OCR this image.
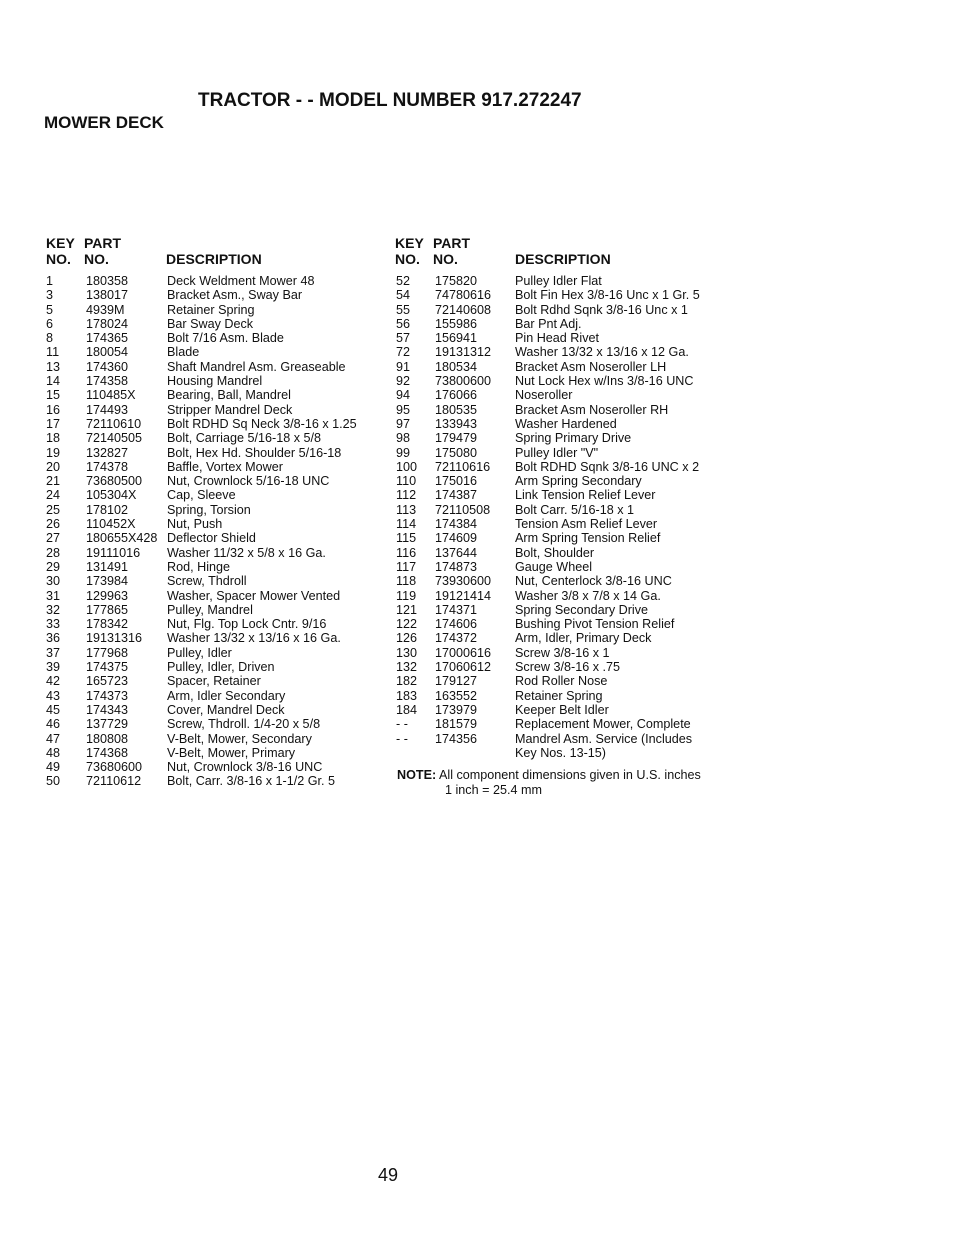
TRACTOR - - MODEL NUMBER 917.272247
MOWER DECK
KEY
NO.
PART
NO.	DESCRIPTION
KEY
NO.
PART
NO.	DESCRIPTION
1	180358	Deck Weldment Mower 48
3	138017	Bracket Asm., Sway Bar
5	4939M	Retainer Spring
6	178024	Bar Sway Deck
8	174365	Bolt 7/16 Asm. Blade
11 180054	Blade
13 174360	Shaft Mandrel Asm. Greaseable
14 174358	Housing Mandrel
15 110485X	Bearing, Ball, Mandrel
16 174493	Stripper Mandrel Deck
17 72110610 Bolt RDHD Sq Neck 3/8-16 x 1.25
18 72140505 Bolt, Carriage 5/16-18 x 5/8
19 132827	Bolt, Hex Hd. Shoulder 5/16-18
20 174378	Baffle, Vortex Mower
21 73680500 Nut, Crownlock 5/16-18 UNC
24 105304X Cap, Sleeve
25 178102	Spring, Torsion
26 110452X	Nut, Push
27 180655X428 Deflector Shield
28 19111016 Washer 11/32 x 5/8 x 16 Ga.
29 131491	Rod, Hinge
30 173984	Screw, Thdroll
31 129963	Washer, Spacer Mower Vented
32 177865	Pulley, Mandrel
33 178342	Nut, Flg. Top Lock Cntr. 9/16
36 19131316 Washer 13/32 x 13/16 x 16 Ga.
37 177968	Pulley, Idler
39 174375	Pulley, Idler, Driven
42 165723	Spacer, Retainer
43 174373	Arm, Idler Secondary
45 174343	Cover, Mandrel Deck
46 137729	Screw, Thdroll. 1/4-20 x 5/8
47 180808	V-Belt, Mower, Secondary
48 174368	V-Belt, Mower, Primary
49 73680600 Nut, Crownlock 3/8-16 UNC
50 72110612 Bolt, Carr. 3/8-16 x 1-1/2 Gr. 5
52 175820	Pulley Idler Flat
54 74780616 Bolt Fin Hex 3/8-16 Unc x 1 Gr. 5
55 72140608 Bolt Rdhd Sqnk 3/8-16 Unc x 1
56 155986	Bar Pnt Adj.
57 156941	Pin Head Rivet
72 19131312 Washer 13/32 x 13/16 x 12 Ga.
91 180534	Bracket Asm Noseroller LH
92 73800600 Nut Lock Hex w/Ins 3/8-16 UNC
94 176066	Noseroller
95 180535	Bracket Asm Noseroller RH
97 133943	Washer Hardened
98 179479	Spring Primary Drive
99 175080	Pulley Idler "V"
100 72110616 Bolt RDHD Sqnk 3/8-16 UNC x 2
110 175016	Arm Spring Secondary
112 174387	Link Tension Relief Lever
113 72110508 Bolt Carr. 5/16-18 x 1
114 174384	Tension Asm Relief Lever
115 174609	Arm Spring Tension Relief
116 137644	Bolt, Shoulder
117 174873	Gauge Wheel
118 73930600 Nut, Centerlock 3/8-16 UNC
119 19121414 Washer 3/8 x 7/8 x 14 Ga.
121 174371	Spring Secondary Drive
122 174606	Bushing Pivot Tension Relief
126 174372	Arm, Idler, Primary Deck
130 17000616 Screw 3/8-16 x 1
132 17060612 Screw 3/8-16 x .75
182 179127	Rod Roller Nose
183 163552	Retainer Spring
184 173979	Keeper Belt Idler
- - 181579	Replacement Mower, Complete
- - 174356	Mandrel Asm. Service (Includes
Key Nos. 13-15)
NOTE: All component dimensions given in U.S. inches
1 inch = 25.4 mm
49
